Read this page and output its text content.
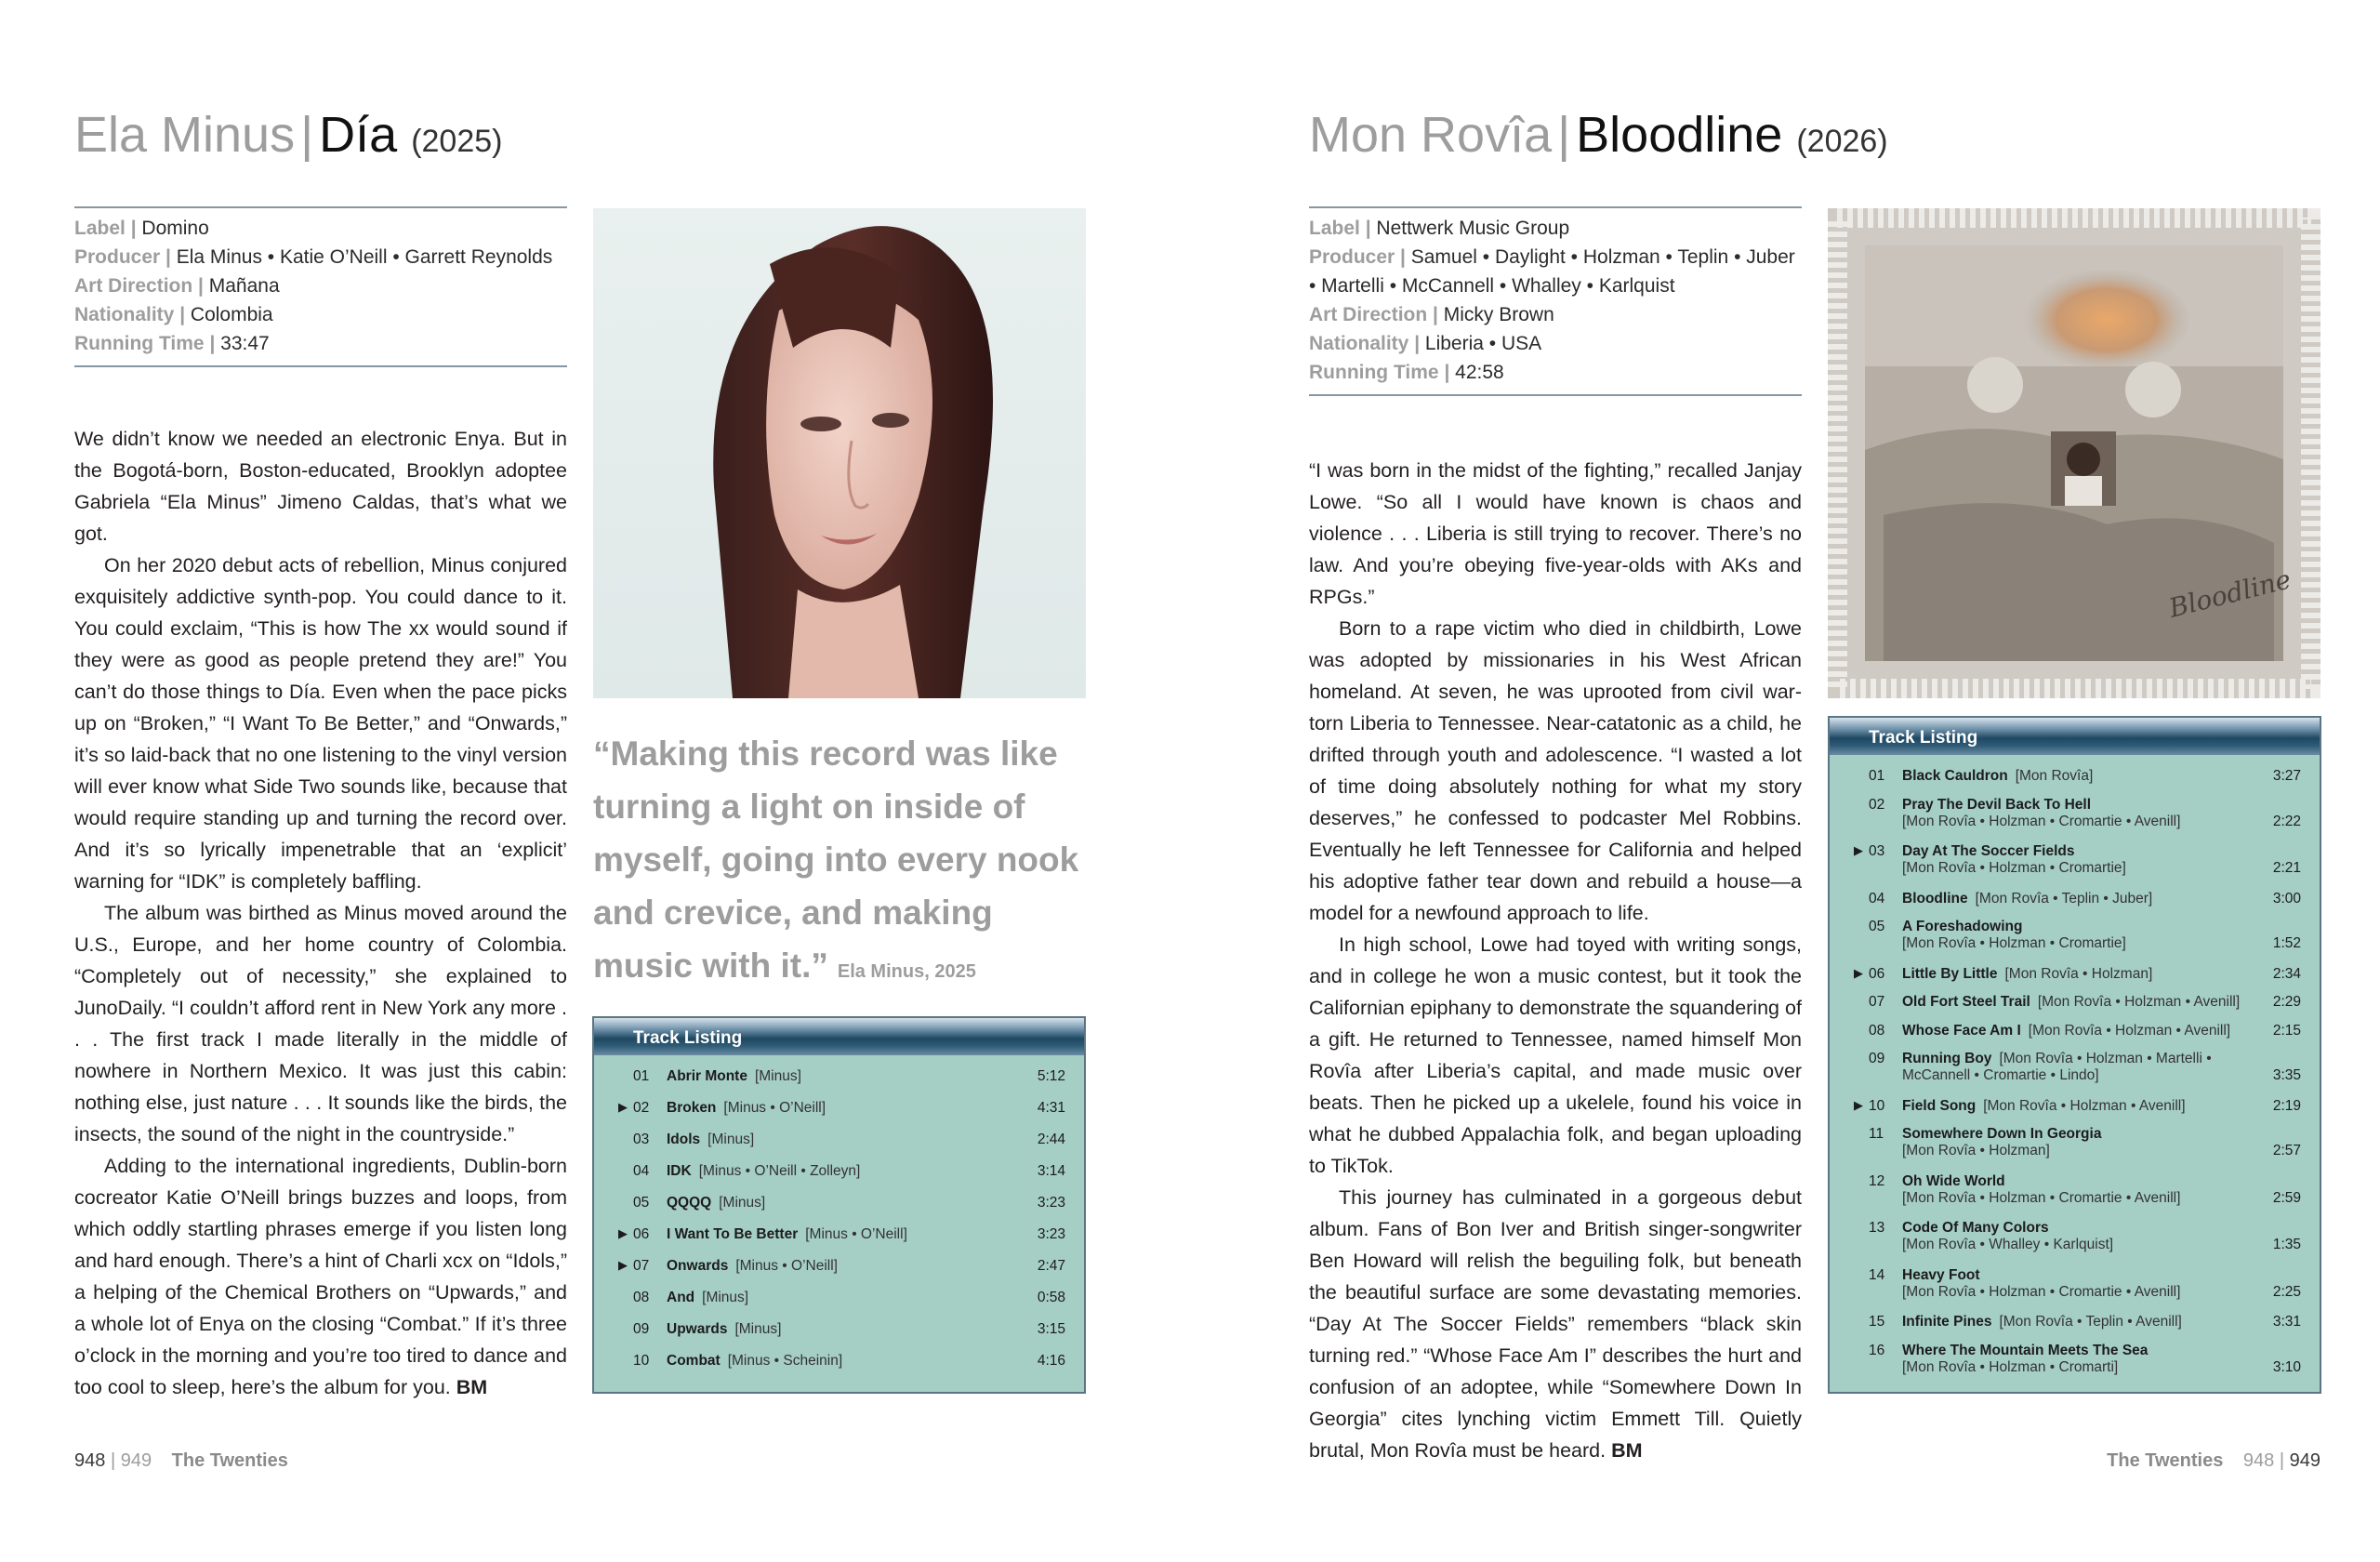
Ela Minus | Día (2025)
Label | Domino
Producer | Ela Minus • Katie O’Neill • Garrett Reynolds
Art Direction | Mañana
Nationality | Colombia
Running Time | 33:47

We didn’t know we needed an electronic Enya. But in the Bogotá-born, Boston-educated, Brooklyn adoptee Gabriela “Ela Minus” Jimeno Caldas, that’s what we got.

On her 2020 debut acts of rebellion, Minus conjured exquisitely addictive synth-pop. You could dance to it. You could exclaim, “This is how The xx would sound if they were as good as people pretend they are!” You can’t do those things to Día. Even when the pace picks up on “Broken,” “I Want To Be Better,” and “Onwards,” it’s so laid-back that no one listening to the vinyl version will ever know what Side Two sounds like, because that would require standing up and turning the record over. And it’s so lyrically impenetrable that an ‘explicit’ warning for “IDK” is completely baffling.

The album was birthed as Minus moved around the U.S., Europe, and her home country of Colombia. “Completely out of necessity,” she explained to JunoDaily. “I couldn’t afford rent in New York any more . . . The first track I made literally in the middle of nowhere in Northern Mexico. It was just this cabin: nothing else, just nature . . . It sounds like the birds, the insects, the sound of the night in the countryside.”

Adding to the international ingredients, Dublin-born cocreator Katie O’Neill brings buzzes and loops, from which oddly startling phrases emerge if you listen long and hard enough. There’s a hint of Charli xcx on “Idols,” a helping of the Chemical Brothers on “Upwards,” and a whole lot of Enya on the closing “Combat.” If it’s three o’clock in the morning and you’re too tired to dance and too cool to sleep, here’s the album for you. BM

“Making this record was like turning a light on inside of myself, going into every nook and crevice, and making music with it.” Ela Minus, 2025
Track Listing
01	Abrir Monte [Minus]	5:12
▶ 02	Broken [Minus • O’Neill]	4:31
03	Idols [Minus]	2:44
04	IDK [Minus • O’Neill • Zolleyn]	3:14
05	QQQQ [Minus]	3:23
▶ 06	I Want To Be Better [Minus • O’Neill]	3:23
▶ 07	Onwards [Minus • O’Neill]	2:47
08	And [Minus]	0:58
09	Upwards [Minus]	3:15
10	Combat [Minus • Scheinin]	4:16
948 | 949 The Twenties
Mon Rovîa | Bloodline (2026)
Label | Nettwerk Music Group
Producer | Samuel • Daylight • Holzman • Teplin • Juber • Martelli • McCannell • Whalley • Karlquist
Art Direction | Micky Brown
Nationality | Liberia • USA
Running Time | 42:58

“I was born in the midst of the fighting,” recalled Janjay Lowe. “So all I would have known is chaos and violence . . . Liberia is still trying to recover. There’s no law. And you’re obeying five-year-olds with AKs and RPGs.”

Born to a rape victim who died in childbirth, Lowe was adopted by missionaries in his West African homeland. At seven, he was uprooted from civil war-torn Liberia to Tennessee. Near-catatonic as a child, he drifted through youth and adolescence. “I wasted a lot of time doing absolutely nothing for what my story deserves,” he confessed to podcaster Mel Robbins. Eventually he left Tennessee for California and helped his adoptive father tear down and rebuild a house—a model for a newfound approach to life.

In high school, Lowe had toyed with writing songs, and in college he won a music contest, but it took the Californian epiphany to demonstrate the squandering of a gift. He returned to Tennessee, named himself Mon Rovîa after Liberia’s capital, and made music over beats. Then he picked up a ukelele, found his voice in what he dubbed Appalachia folk, and began uploading to TikTok.

This journey has culminated in a gorgeous debut album. Fans of Bon Iver and British singer-songwriter Ben Howard will relish the beguiling folk, but beneath the beautiful surface are some devastating memories. “Day At The Soccer Fields” remembers “black skin turning red.” “Whose Face Am I” describes the hurt and confusion of an adoptee, while “Somewhere Down In Georgia” cites lynching victim Emmett Till. Quietly brutal, Mon Rovîa must be heard. BM

Bloodline
Track Listing
01	Black Cauldron [Mon Rovîa]	3:27
02	Pray The Devil Back To Hell
[Mon Rovîa • Holzman • Cromartie • Avenill]	2:22
▶ 03	Day At The Soccer Fields
[Mon Rovîa • Holzman • Cromartie]	2:21
04	Bloodline [Mon Rovîa • Teplin • Juber]	3:00
05	A Foreshadowing
[Mon Rovîa • Holzman • Cromartie]	1:52
▶ 06	Little By Little [Mon Rovîa • Holzman]	2:34
07	Old Fort Steel Trail [Mon Rovîa • Holzman • Avenill]	2:29
08	Whose Face Am I [Mon Rovîa • Holzman • Avenill]	2:15
09	Running Boy [Mon Rovîa • Holzman • Martelli •
McCannell • Cromartie • Lindo]	3:35
▶ 10	Field Song [Mon Rovîa • Holzman • Avenill]	2:19
11	Somewhere Down In Georgia
[Mon Rovîa • Holzman]	2:57
12	Oh Wide World
[Mon Rovîa • Holzman • Cromartie • Avenill]	2:59
13	Code Of Many Colors
[Mon Rovîa • Whalley • Karlquist]	1:35
14	Heavy Foot
[Mon Rovîa • Holzman • Cromartie • Avenill]	2:25
15	Infinite Pines [Mon Rovîa • Teplin • Avenill]	3:31
16	Where The Mountain Meets The Sea
[Mon Rovîa • Holzman • Cromarti]	3:10
The Twenties 948 | 949
